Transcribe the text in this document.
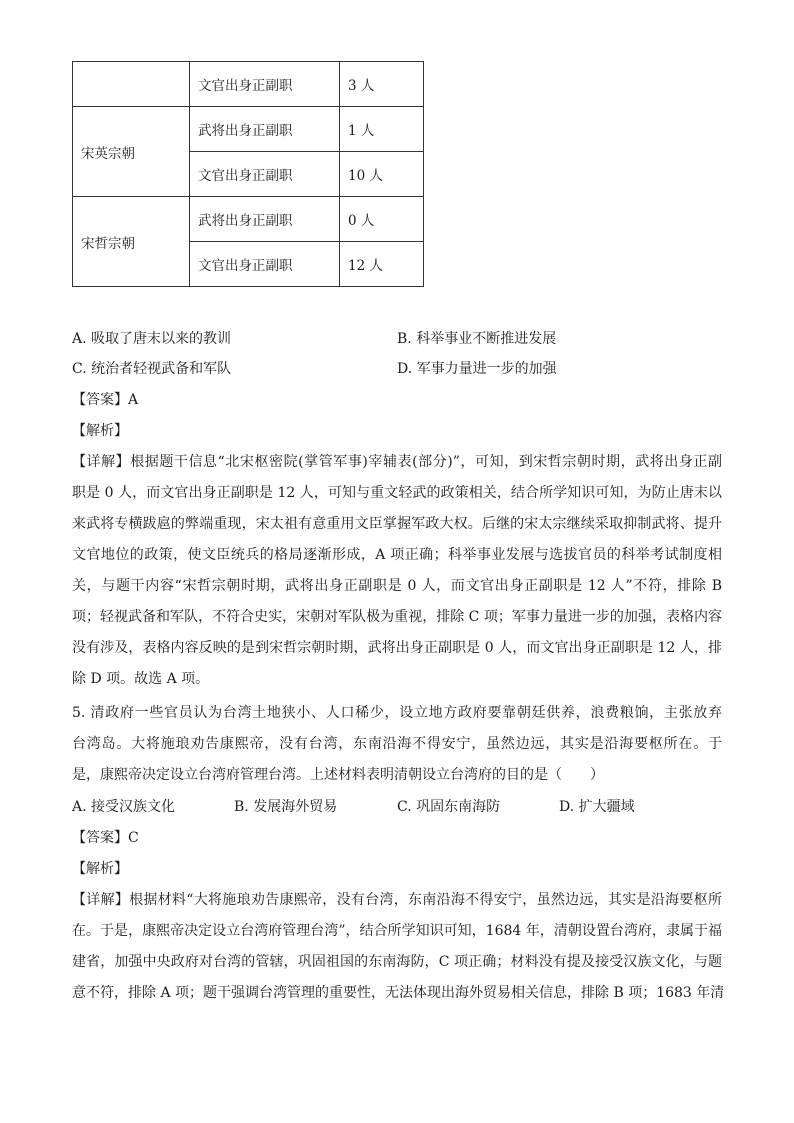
	文官出身正副职	3 人
宋英宗朝	武将出身正副职	1 人
	文官出身正副职	10 人
宋哲宗朝	武将出身正副职	0 人
	文官出身正副职	12 人
A. 吸取了唐末以来的教训	B. 科举事业不断推进发展
C. 统治者轻视武备和军队	D. 军事力量进一步的加强
【答案】A
【解析】
【详解】根据题干信息“北宋枢密院(掌管军事)宰辅表(部分)”，可知，到宋哲宗朝时期，武将出身正副
职是 0 人，而文官出身正副职是 12 人，可知与重文轻武的政策相关，结合所学知识可知，为防止唐末以
来武将专横跋扈的弊端重现，宋太祖有意重用文臣掌握军政大权。后继的宋太宗继续采取抑制武将、提升
文官地位的政策，使文臣统兵的格局逐渐形成，A 项正确；科举事业发展与选拔官员的科举考试制度相
关，与题干内容“宋哲宗朝时期，武将出身正副职是 0 人，而文官出身正副职是 12 人”不符，排除 B
项；轻视武备和军队，不符合史实，宋朝对军队极为重视，排除 C 项；军事力量进一步的加强，表格内容
没有涉及，表格内容反映的是到宋哲宗朝时期，武将出身正副职是 0 人，而文官出身正副职是 12 人，排
除 D 项。故选 A 项。
5. 清政府一些官员认为台湾土地狭小、人口稀少，设立地方政府要靠朝廷供养，浪费粮饷，主张放弃
台湾岛。大将施琅劝告康熙帝，没有台湾，东南沿海不得安宁，虽然边远，其实是沿海要枢所在。于
是，康熙帝决定设立台湾府管理台湾。上述材料表明清朝设立台湾府的目的是（　　）
A. 接受汉族文化	B. 发展海外贸易	C. 巩固东南海防	D. 扩大疆域
【答案】C
【解析】
【详解】根据材料“大将施琅劝告康熙帝，没有台湾，东南沿海不得安宁，虽然边远，其实是沿海要枢所
在。于是，康熙帝决定设立台湾府管理台湾”，结合所学知识可知，1684 年，清朝设置台湾府，隶属于福
建省，加强中央政府对台湾的管辖，巩固祖国的东南海防，C 项正确；材料没有提及接受汉族文化，与题
意不符，排除 A 项；题干强调台湾管理的重要性，无法体现出海外贸易相关信息，排除 B 项；1683 年清
